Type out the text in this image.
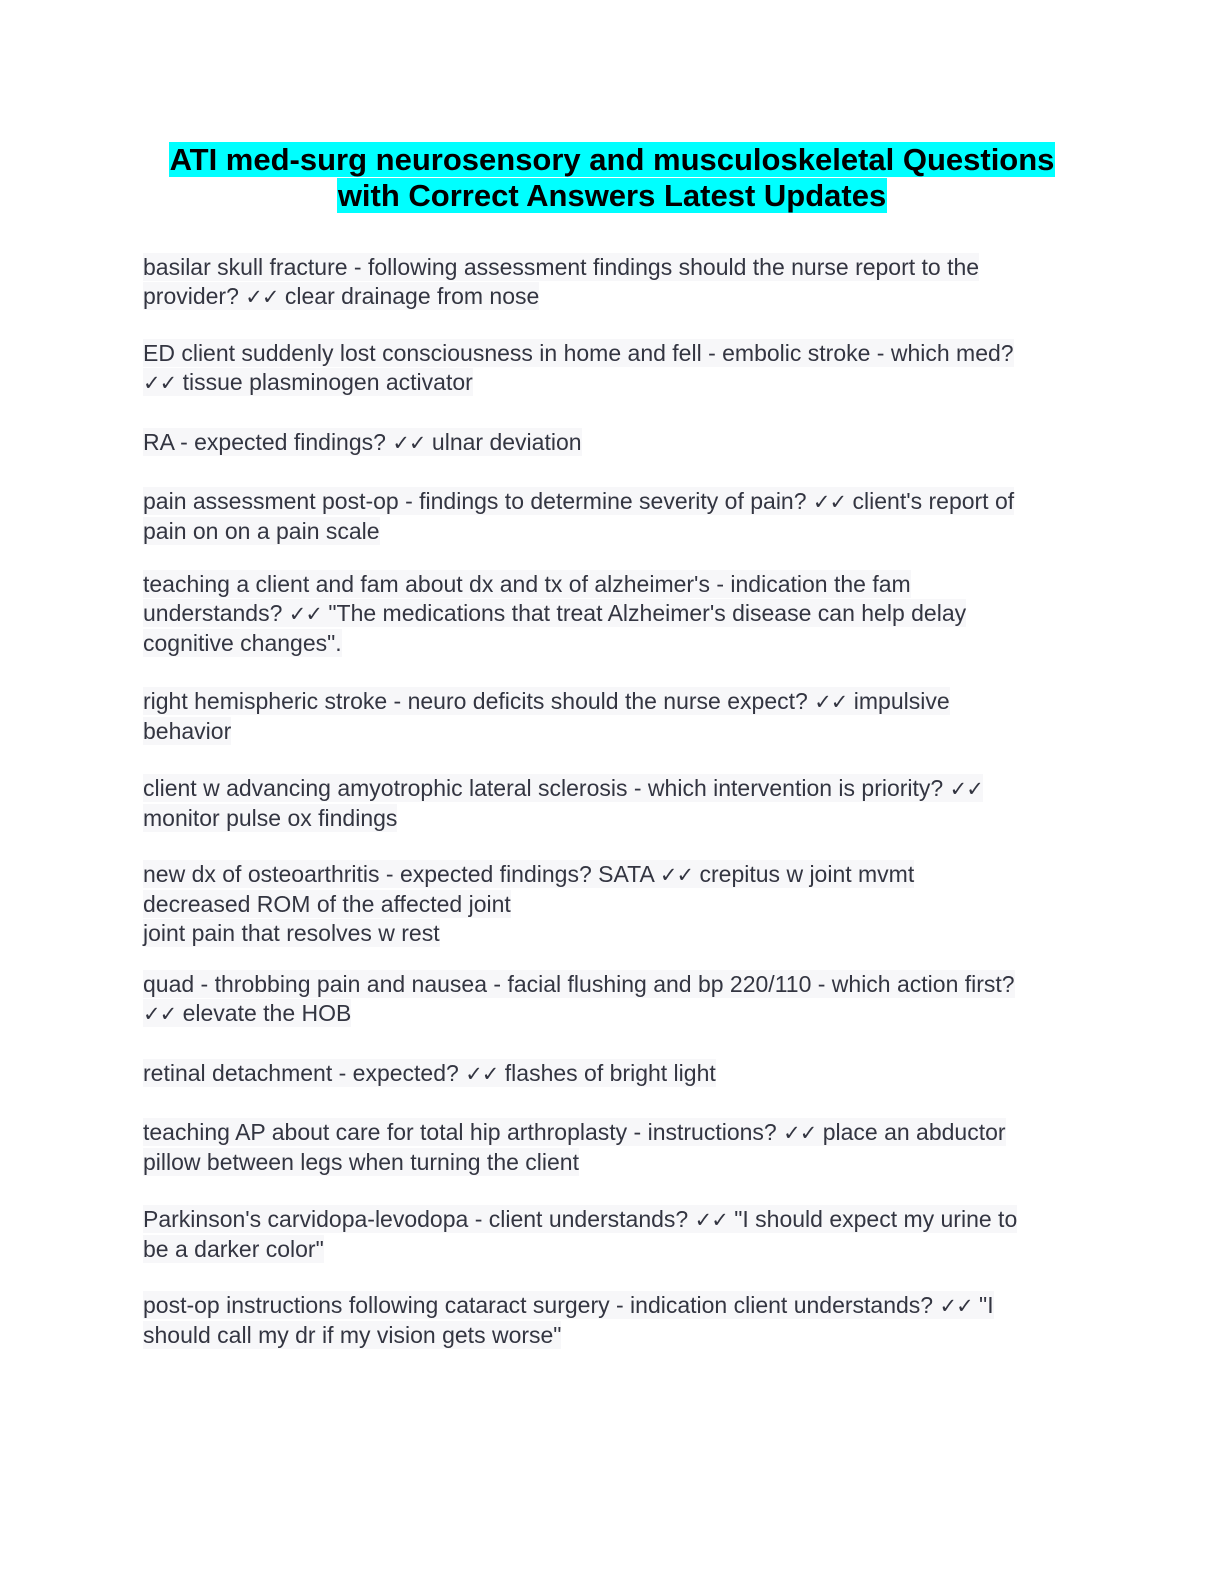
ATI med-surg neurosensory and musculoskeletal Questions
with Correct Answers Latest Updates
basilar skull fracture - following assessment findings should the nurse report to the
provider? ✓✓ clear drainage from nose
ED client suddenly lost consciousness in home and fell - embolic stroke - which med?
✓✓ tissue plasminogen activator
RA - expected findings? ✓✓ ulnar deviation
pain assessment post-op - findings to determine severity of pain? ✓✓ client's report of
pain on on a pain scale
teaching a client and fam about dx and tx of alzheimer's - indication the fam
understands? ✓✓ "The medications that treat Alzheimer's disease can help delay
cognitive changes".
right hemispheric stroke - neuro deficits should the nurse expect? ✓✓ impulsive
behavior
client w advancing amyotrophic lateral sclerosis - which intervention is priority? ✓✓
monitor pulse ox findings
new dx of osteoarthritis - expected findings? SATA ✓✓ crepitus w joint mvmt
decreased ROM of the affected joint
joint pain that resolves w rest
quad - throbbing pain and nausea - facial flushing and bp 220/110 - which action first?
✓✓ elevate the HOB
retinal detachment - expected? ✓✓ flashes of bright light
teaching AP about care for total hip arthroplasty - instructions? ✓✓ place an abductor
pillow between legs when turning the client
Parkinson's carvidopa-levodopa - client understands? ✓✓ "I should expect my urine to
be a darker color"
post-op instructions following cataract surgery - indication client understands? ✓✓ "I
should call my dr if my vision gets worse"
